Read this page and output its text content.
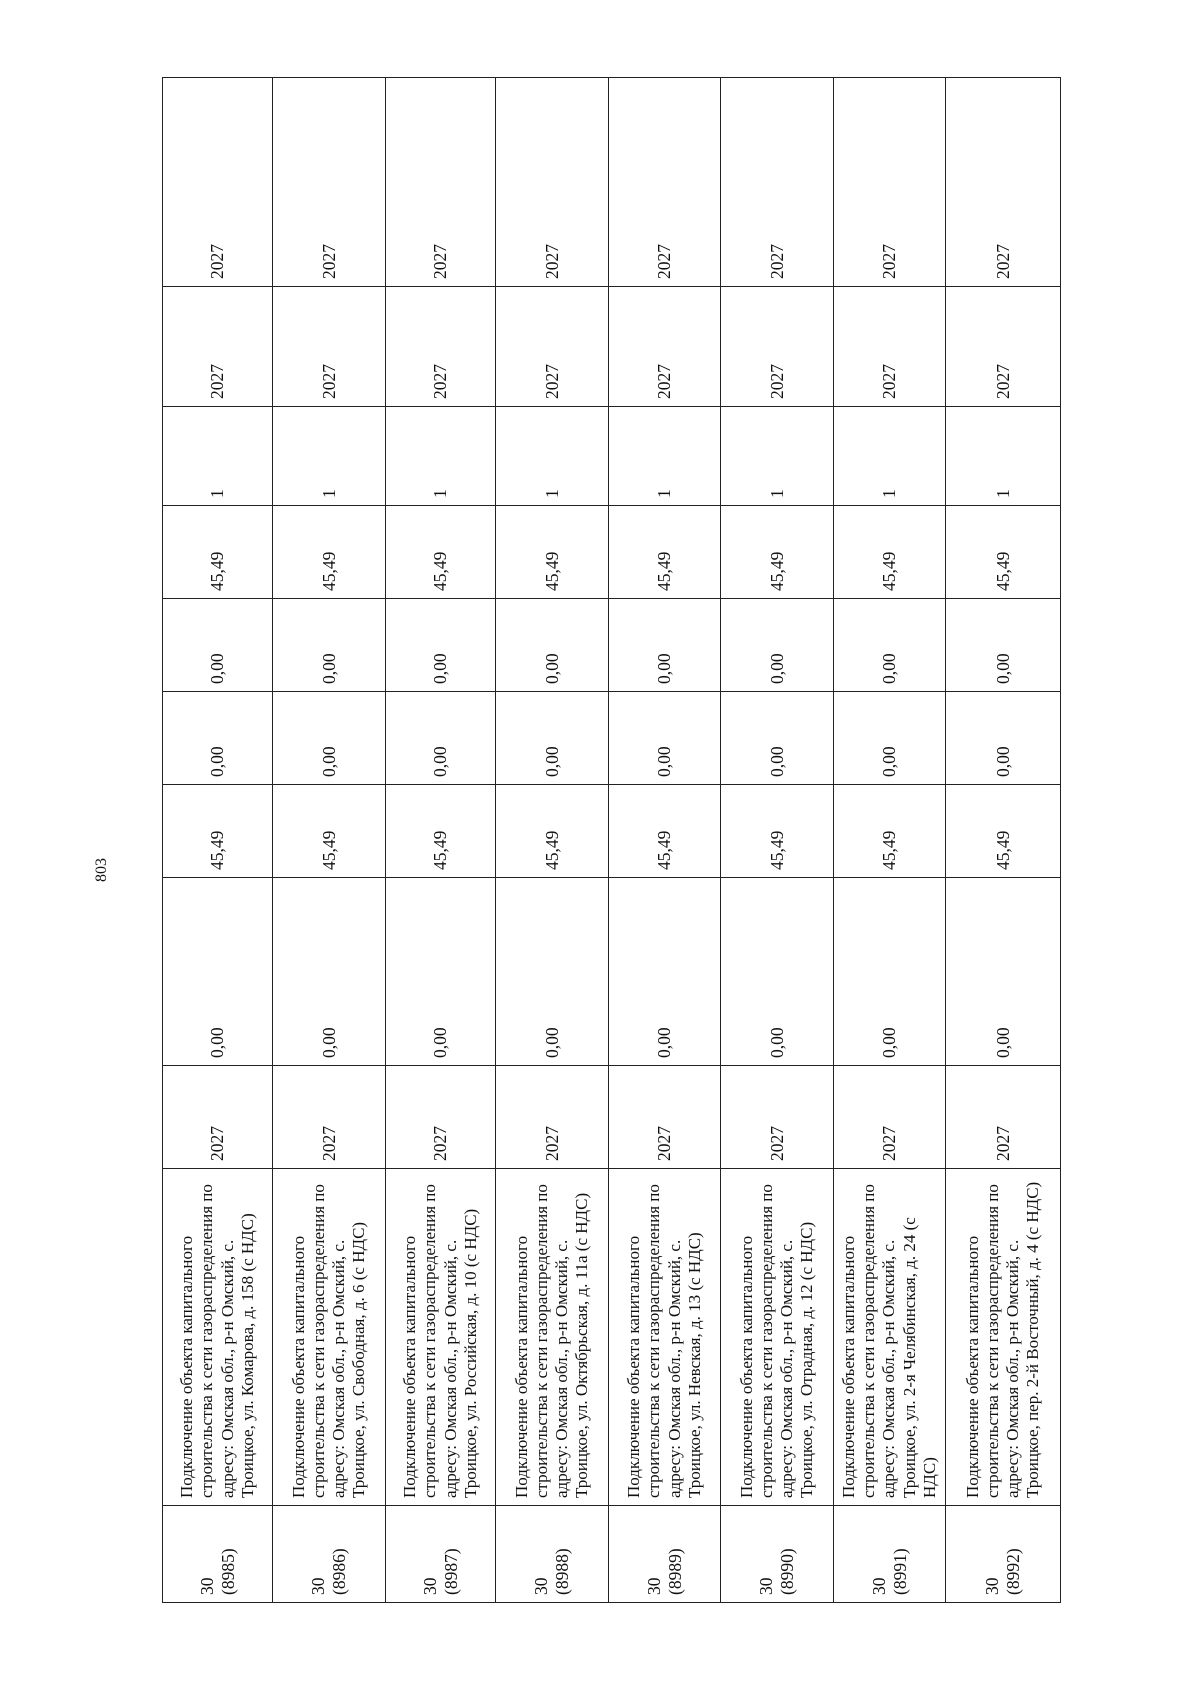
803
30 (8985)	Подключение объекта капитального строительства к сети газораспределения по адресу: Омская обл., р-н Омский, с. Троицкое, ул. Комарова, д. 158 (с НДС)	2027	0,00	45,49	0,00	0,00	45,49	1	2027	2027

30 (8986)	Подключение объекта капитального строительства к сети газораспределения по адресу: Омская обл., р-н Омский, с. Троицкое, ул. Свободная, д. 6 (с НДС)	2027	0,00	45,49	0,00	0,00	45,49	1	2027	2027

30 (8987)	Подключение объекта капитального строительства к сети газораспределения по адресу: Омская обл., р-н Омский, с. Троицкое, ул. Российская, д. 10 (с НДС)	2027	0,00	45,49	0,00	0,00	45,49	1	2027	2027

30 (8988)	Подключение объекта капитального строительства к сети газораспределения по адресу: Омская обл., р-н Омский, с. Троицкое, ул. Октябрьская, д. 11а (с НДС)	2027	0,00	45,49	0,00	0,00	45,49	1	2027	2027

30 (8989)	Подключение объекта капитального строительства к сети газораспределения по адресу: Омская обл., р-н Омский, с. Троицкое, ул. Невская, д. 13 (с НДС)	2027	0,00	45,49	0,00	0,00	45,49	1	2027	2027

30 (8990)	Подключение объекта капитального строительства к сети газораспределения по адресу: Омская обл., р-н Омский, с. Троицкое, ул. Отрадная, д. 12 (с НДС)	2027	0,00	45,49	0,00	0,00	45,49	1	2027	2027

30 (8991)	Подключение объекта капитального строительства к сети газораспределения по адресу: Омская обл., р-н Омский, с. Троицкое, ул. 2-я Челябинская, д. 24 (с НДС)	2027	0,00	45,49	0,00	0,00	45,49	1	2027	2027

30 (8992)	Подключение объекта капитального строительства к сети газораспределения по адресу: Омская обл., р-н Омский, с. Троицкое, пер. 2-й Восточный, д. 4 (с НДС)	2027	0,00	45,49	0,00	0,00	45,49	1	2027	2027
